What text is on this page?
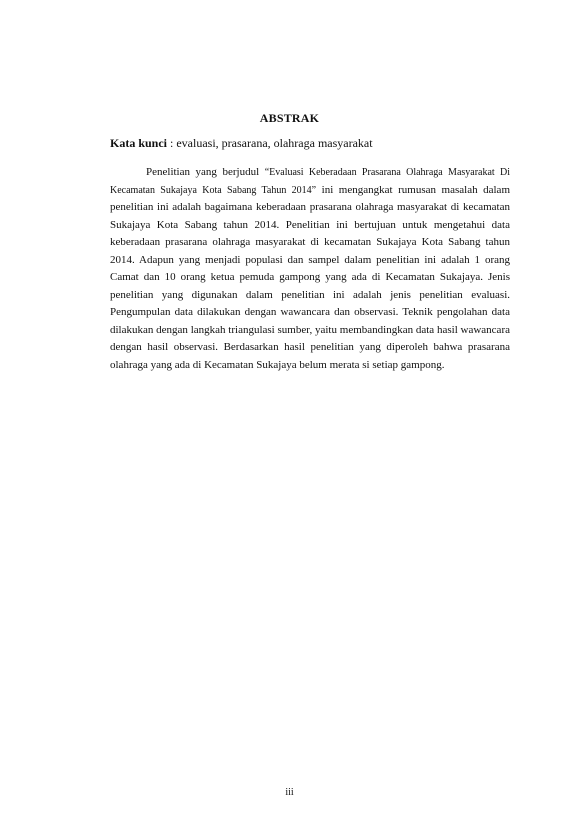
ABSTRAK
Kata kunci : evaluasi, prasarana, olahraga masyarakat
Penelitian yang berjudul “Evaluasi Keberadaan Prasarana Olahraga Masyarakat Di Kecamatan Sukajaya Kota Sabang Tahun 2014” ini mengangkat rumusan masalah dalam penelitian ini adalah bagaimana keberadaan prasarana olahraga masyarakat di kecamatan Sukajaya Kota Sabang tahun 2014. Penelitian ini bertujuan untuk mengetahui data keberadaan prasarana olahraga masyarakat di kecamatan Sukajaya Kota Sabang tahun 2014. Adapun yang menjadi populasi dan sampel dalam penelitian ini adalah 1 orang Camat dan 10 orang ketua pemuda gampong yang ada di Kecamatan Sukajaya. Jenis penelitian yang digunakan dalam penelitian ini adalah jenis penelitian evaluasi. Pengumpulan data dilakukan dengan wawancara dan observasi. Teknik pengolahan data dilakukan dengan langkah triangulasi sumber, yaitu membandingkan data hasil wawancara dengan hasil observasi. Berdasarkan hasil penelitian yang diperoleh bahwa prasarana olahraga yang ada di Kecamatan Sukajaya belum merata si setiap gampong.
iii
